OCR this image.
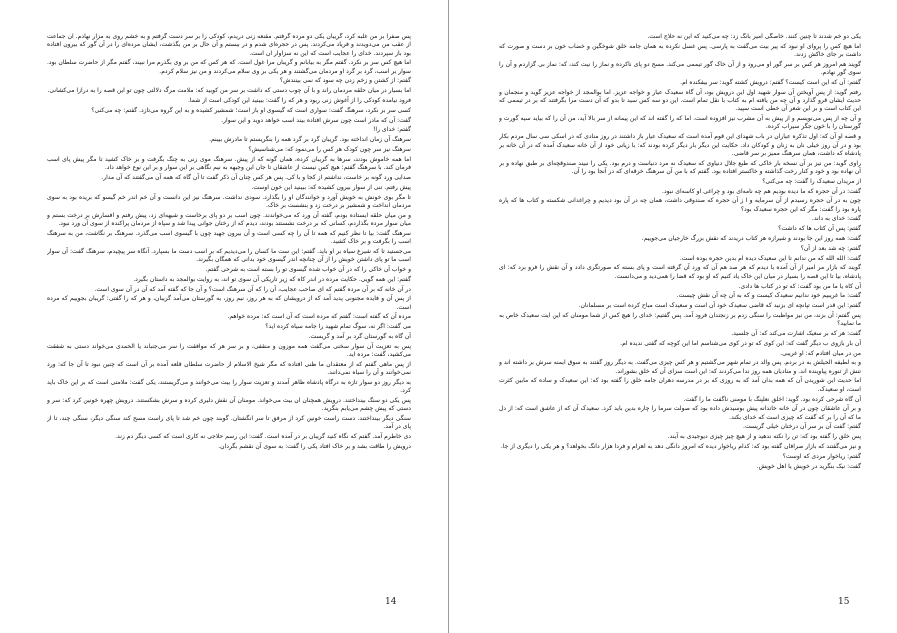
پس صفرا بر من غلبه کرد، گریبان یکی دو مرده گرفتم. مقنعه زنی دریدم، کودکی را بر سر دست گرفتم و به خشم روی به مزار نهادم. آن جماعت از عقب من می‌دویدند و فریاد می‌کردند. پس در حجره‌ای شدم و در ببستم و آن حال بر من بگذشت، ایشان مرده‌ای را در آن گور که بیرون افتاده بود باز سپردند. خدای را عجایب است که این نه سزاوار ان است.

اما هیچ کس سر بر نکرد. گفتم مگر به بیابانم و گریبان مرا غول است. که هر کس که من بر وی بگذرم مرا نبیند، گفتم مگر از حاضرت سلطان بود. سوار بر اسب، گرد بر گرد او مردمان می‌گشتند و هر یکی بر وی سلام می‌کردند و من نیز سلام کردم.

گفتم: از کشتن و زخم زدن چه سود که نمی بینندش؟

اما بسیار در میان حلقه مردمان راند و با آن چوب دستی که داشت بر سر من کوبید که: ملامت مرگ دلالتی چون تو این قصه را به درازا می‌کشانی.

فرود نیامده کودکی را از آغوش زنی ربود و هر که را گفت: ببینید این کودکی است از شما.

کسی سر بر نکرد، سرهنگ گفت: سواری است که گیسوی او باز است؛ شمشیر کشیده و به این گروه می‌تازد. گفتم: چه می‌کنی؟

گفت: آن که مادر است چون سرش افتاده بیند اسب خواهد دوید و این سوار.

گفتم: خدای را!

سرهنگ آن زمان انداخته بود. گریبان گرد بر گرد همه را بنگریستم تا مادرش بیینم.

سرهنگ نیز سر چون کودک هر کس را می‌نمود که: می‌شناسیش؟

اما همه خاموش بودند، سرها به گریبان کرده، همان گونه که از پیش. سرهنگ موی زنی به چنگ بگرفت و بر خاک کشید تا مگر پیش پای اسب فرمان کند. با سرهنگ گفتم: هیچ کس نیست از عاشقان تا جان این وجیهه به نیم نگاهی بر این سوار و بر این نوع خواهد داد.

صدایی ورد گونه بر خاست، نداشتم از کجا و با کی. پس هر کس چنان آن ذکر گفت تا آن گاه که همه آن می‌گفتند که آن مدار.

پیش رفتم. تنی از سوار بیرون کشیده که: ببینید این خون اوست.

تا مگر بوی خونش به خویش آورد و خوانندگان او را بگذارد. سودی نداشت. سرهنگ نیز این دانست و آن خم اندر خم گیسو که بریده بود به سوی مردمان انداخت و شمشیر بر درخت زد و بنشست بر خاک.

و من میان حلقه ایستاده بودم، گفته آن ورد که می‌خواندند. چون اسب بر دو پای برخاست و شیهه‌ای زد، پیش رفتم و افسارش بر درخت بستم و میان سوار مرده بگذاردم، کسانی که بر درخت نشستند بودند، دیدم که از رختان جوانی پیدا شد و سپاه از مردمان پراکنده از سوی آن ورد نبود.

سرهنگ گفت: بیا تا نظر کنیم که همه تا آن را چه کسی است و آن بیرون جهید چون با گیسوی اسب می‌گذرد. سرهنگ بر نگاشت، من به سرهنگ اسب را بگرفت و بر خاک کشید.

می‌جستید تا که شیرغ سیاه بر او باید. گفتم: این ست ما کسان را می‌دیدیم که بر اسب دست ما بسپارد. آنگاه سر پیچیدم، سرهنگ گفت: آن سوار اسب ما تو پای داشتن خویش را از آن چنانچه اندر گیسوی خود بدانی که همگان بگیرند.

و خواب آن خاکی را که در آن خواب شده گیسوی تو را بسته است به شرحی گفتم.

گفتم: این همه گویی. حکایت مرده در اندر کاه که زیر تاریکی آن سوی تو اند، به روایت بوالمجد به داستان بگیرد.

در آن خانه که بر آن مرده گفتم که ای صاحب عجایب، آن را که آن سرهنگ است؟ و آن جا که گفته آمد که آن در آن سوی است.

از پس آن و فایده مجنونی پدید آمد که از درویشان که به هر روز، نیم روز، به گورستان می‌آمد گریبان، و هر که را گفتی: گریبان بجوییم که مرده است.

مرده آن که گفته است: گفتم که مرده است که آن است که: مرده خواهم.

می گفت: اگر نه، سوگ تمام شهید را جامه سیاه کرده اید؟

آن گاه به گورستان گرد بر آمد و گریست.

پس به تعزیت آن سوار سخنی می‌گفت همه موزون و منقفی، و بر سر هر که موافقت را سر می‌جنباند یا الحمدی می‌خواند دستی به شفقت می‌کشید، گفت: مرده اید.

از پس ماهی گفتم که از معتقدان ما ظنی افتاده که مگر شیخ الاسلام از حاضرت سلطان قلعه آمده بر آن است که چنین نبود تا آن جا که: ورد نمی‌خوانند و آن را سیاه نمی‌دانند.

به دیگر روز دو سوار تازه به درگاه پادشاه ظاهر آمدند و تعزیت سوار را بیت می‌خوانند و می‌گریستند، یکی گفت: ملامتی است که بر این خاک باید کرد.

پس یکی دو سنگ بینداختند. درویش همچنان ان بیت می‌خواند. مومنان آن نقش دلیری کرده و سرش بشکستند. درویش چهره خونین کرد که: سر و دستی که پیش چشم می‌یابم بنگرید.

سنگی دیگر بینداختند. دست راست خونین کرد از مرفق تا سر انگشتان. گوبند چون خم شد تا پای راست مسح کند سنگی دیگر، سنگی چند، تا از پای در آمد.

دی خاطرم آمد. گفتم که نگاه کنید گریبان بر در آمده است. گفت: این رسم حلاجی نه کاری است که کسی دیگر دم زند.

درویش را طاقت بشد و بر خاک افتاد یکی را گفت: به سوی آن نقشم بگردان.

14

یکی دو خم شدند تا چنین کنند. خاصگی امیر بانگ زد: چه می‌کنید که این نه حلاج است.

اما هیچ کس را پروای او نبود که پیر بیت می‌گفت به پارسی. پس غسل نکرده به همان جامه خلق شوخگین و خضاب خون بر دست و صورت که داشت بر جای خاکش زدند.

گویند هم امروز هر کس بر سر گور او می‌رود و از آن خاک گور تیممی می‌کند. مسح دو پای ناکرده و نماز را نیت کند، که: نماز بی گزاردم و آن را سوی گور نهادم.

گفتم: آن که این است کیست؟ گفتم: درویش کشته گوید: سر بیفکنده ام.

رفتم گوید: از پس آویختن آن سوار شهید اول این درویش بود، آن گاه سعیدک عیار و خواجه عزیز. اما بوالمجد از خواجه عزیز گوید و منجمان و حدیث ایشان قرو گذارد و آن چه من یافته ام به کتاب با نقل تمام است. این دو سه کس سید تا بدو که آن دست مرا بگرفتند که بر در تیممی که این کتاب است و بر این شعر آن خطی است سپید.

و آن چه از پس می‌نویسم و از پیش به آن مشرب نیز افزوده است. اما که را گفته اند که این پیمانه از سر بالا آید، من آن را که بیاید سیه گورت و گورستان را با خون جگر سیراب کرده.

و قصه او آن که: اول تذکره عیاران در باب شهدای این قوم آمده است که سعیدک عیار باز داشتند در روز منادی که در اسکی سی سال مردم بکار بود و در آن روز خیلی نان به زنان و کودکان داد. حکایت این دیگر بار دیگر کرده بودند که: با زیانی خود از آن خانه سعیدک آمده که در آن خانه بر پادشاه که داشت، همان سرهنگ ممیز بر سر قاضی.

راوی گوید: من نیز بر آن نسخه بار خاکی که طبع جلال دنیاوی که سعیدک نه مرد دنیاست و درم بود. یکی را نبیند صندوقچه‌ای بر طبق نهاده و بر آن نهاده بود و خود و کنار رخت گذاشته و خاکستر افتاده بود. گفتم که با من آن سرهنگ خرقه‌ای که در آنجا بود را آن.

از مریدان سعیدک را گفت: چه می‌کنی؟

گفت: در آن حجره که ما دیده بودیم هم چه نامه‌ای بود و چراغی او کاسه‌ای نبود.

چون به در آن حجره رسیدم از آن سرمایه و ا ز آن حجره که صندوقی داشت، همان چه در آن بود دیدیم و چراغدانی شکسته و کتاب ها که پاره پاره بود را گفت: مگر که این حجره سعیدک بود؟

گفت: خدای به داند.

گفتم: پس آن کتاب ها که داشت؟

گفت: همه روز این جا بودند و شیرازه هر کتاب دریدند که نقش بزرگ خارجیان می‌جوییم.

گفتم: چه شد بعد از آن؟

گفت: الله الله که من ندانم تا این سعیدک دیده ام بدین حجره بوده است.

گویند که بازار مر امیر از آن آمده با دیدم که هر صد هم آن که ورد آن گرفته است و پای بسته که صورتگری دادد و آن نقش را فرو برد که: ای پادشاه، بیا تا این قصه را بسیار در میان این خاک یاد کنیم که او بود که قضا را همی‌دید و می‌دانست.

آن کاه یا ما من بود گفت: که تو در کتاب ها دادی.

گفت: ما غریبیم خود ندانیم سعیدک کیست و که به آن چه آن نقش چیست.

گفتم: این قدر است تپانچه ای بزنید که قاضی سعیدک خود آن است و سعیدک است مباح کرده است بر مسلمانان.

پس گفتم: آن بزند، من نیز مواظبت را سنگی زدم بر زنجندان فرود آمد. پس گفتیم: خدای را هیچ کس از شما مومنان که این ایت سعیدک خاص به ما نمایید؟

گفت: هر که بر سعیک اشارت می‌کند که: آن جلسید.

آن بار بازوی ب دیگر گفت که: این کوی که تو در کوی می‌شناسم اما این کوچه که گفتی ندیده ام.

من در میان افتادم که: او غریبی.

و به لطیفه الحیلش به در بردم. پس والد در تمام شهر می‌گشتیم و هر کس چیزی می‌گفت. به دیگر روز گفتند به سوق ایمنه سرش بر داشته اند و تنش از تنوره پیاوینده اند. و منادیان همه روز ندا می‌کردند که: این است سزای آن که خلق بشوراند.

اما حدیث این شوریدن آن که همه بدان آمد که به روزی که بر در مدرسه دهران جامه خلق را گفته بود که: این سعیدک و ساده که مابین کثرت است، او سعیدک.

آن گاه شرحی کرده بود. گوید: اخلق نعلپنگ با مومنی ناگفت ما را گفت.

و بر آن عاشقان چون در آن خانه خاندانه پیش بوسیدش داده بود که صولت سرما را چاره بدین باید کرد. سعیدک آن که از عاشق است که: از دل ما که آن را بر که گفت که چیزی است که خدای بکند.

گفتم: گفت آن بر سر آن درختان خیلی گریست.

پس خلق را گفته بود که: تن را نکته ندهید و از هیچ چیز چیزی دیوجیدی به آیند.

و نیز می‌گفتند که بازار صرافان گفته بود که: کدام ریاخوار دیده که امروز دانگی دهد به اهرام و فردا هزار دانگ بخواهد؟ و هر یکی را دیگری از جا.

گفتم: ریاخوار مردی که اوست؟

گفت: نیک بنگرید در خویش یا اهل خویش.

15
